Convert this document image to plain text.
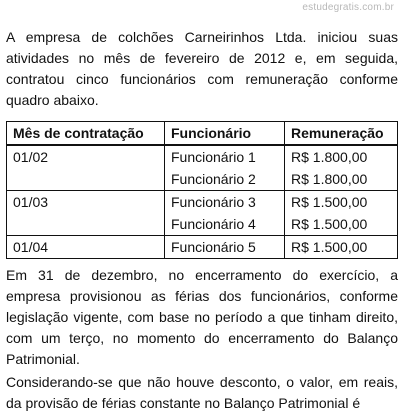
estudegratis.com.br

A empresa de colchões Carneirinhos Ltda. iniciou suas atividades no mês de fevereiro de 2012 e, em seguida, contratou cinco funcionários com remuneração conforme quadro abaixo.

Mês de contratação	Funcionário	Remuneração
01/02	Funcionário 1	R$ 1.800,00
	Funcionário 2	R$ 1.800,00
01/03	Funcionário 3	R$ 1.500,00
	Funcionário 4	R$ 1.500,00
01/04	Funcionário 5	R$ 1.500,00

Em 31 de dezembro, no encerramento do exercício, a empresa provisionou as férias dos funcionários, conforme legislação vigente, com base no período a que tinham direito, com um terço, no momento do encerramento do Balanço Patrimonial.

Considerando-se que não houve desconto, o valor, em reais, da provisão de férias constante no Balanço Patrimonial é
